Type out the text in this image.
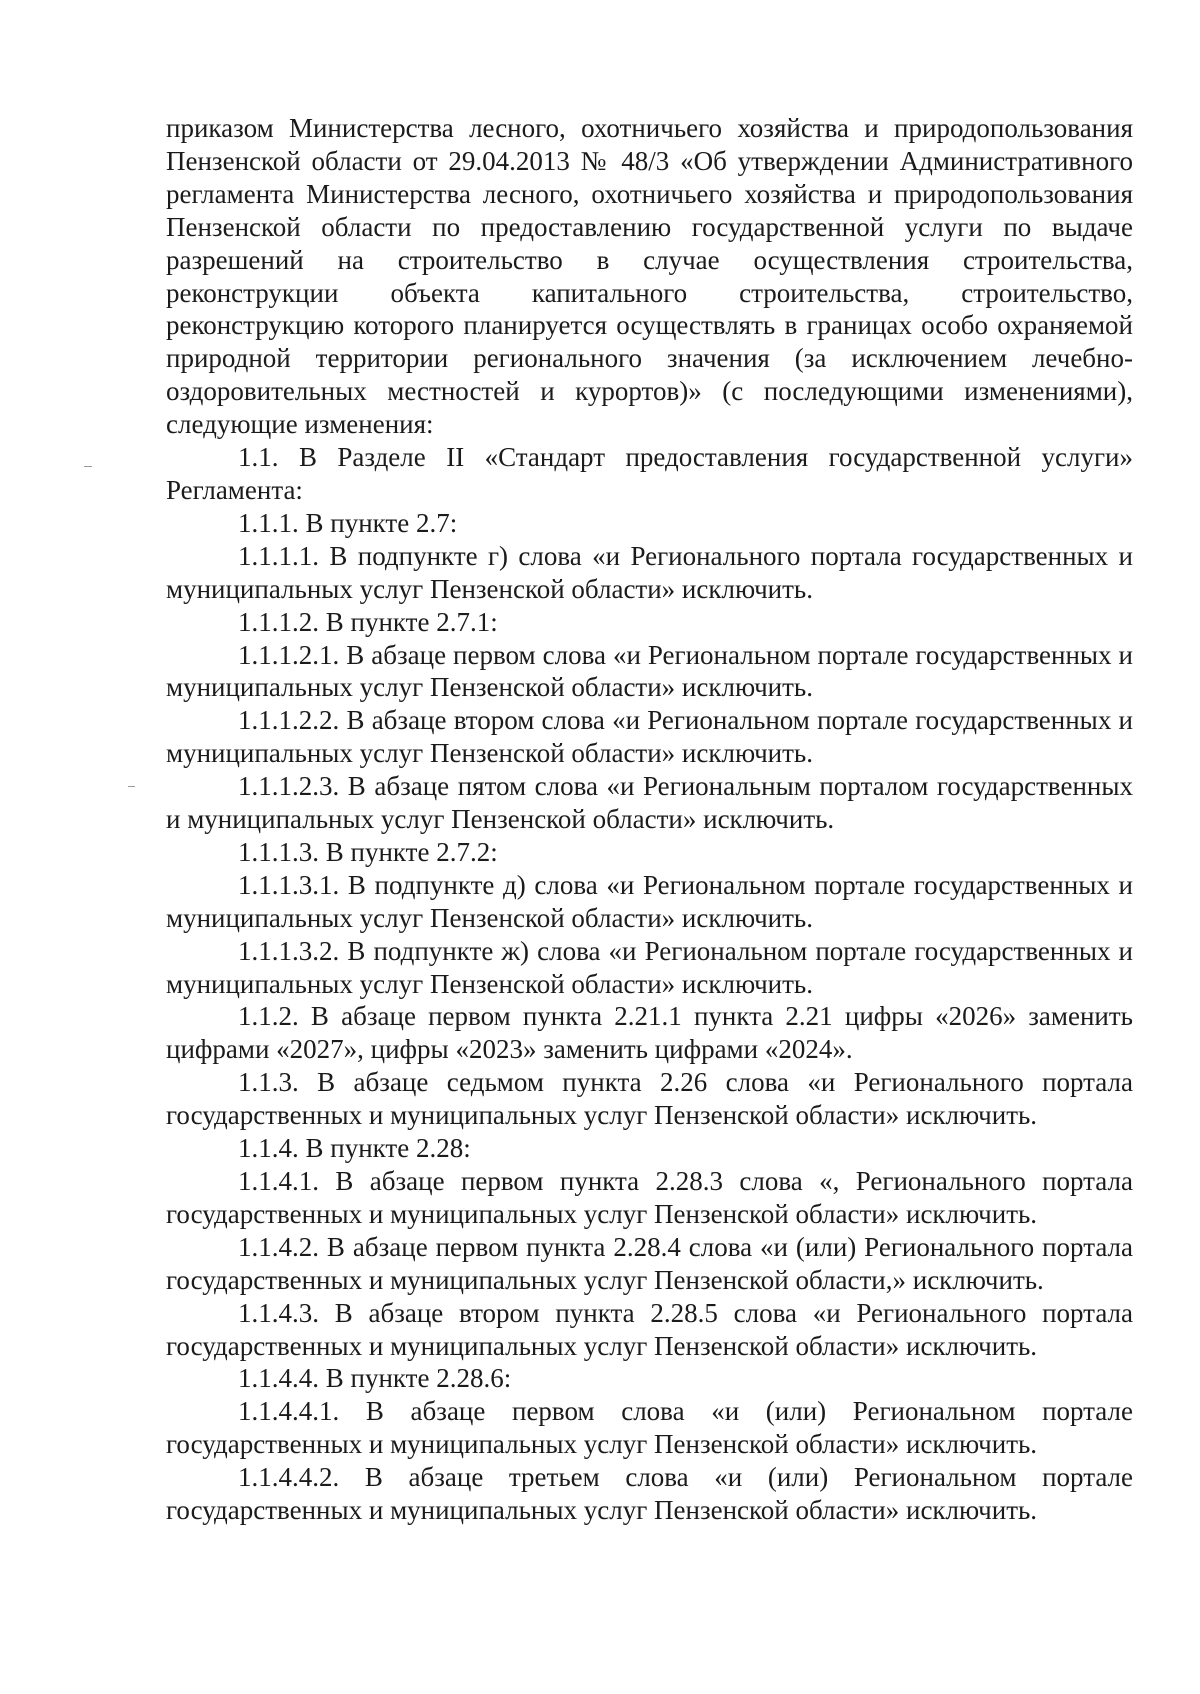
приказом Министерства лесного, охотничьего хозяйства и природопользования Пензенской области от 29.04.2013 № 48/3 «Об утверждении Административного регламента Министерства лесного, охотничьего хозяйства и природопользования Пензенской области по предоставлению государственной услуги по выдаче разрешений на строительство в случае осуществления строительства, реконструкции объекта капитального строительства, строительство, реконструкцию которого планируется осуществлять в границах особо охраняемой природной территории регионального значения (за исключением лечебно-оздоровительных местностей и курортов)» (с последующими изменениями), следующие изменения:

1.1. В Разделе II «Стандарт предоставления государственной услуги» Регламента:

1.1.1. В пункте 2.7:

1.1.1.1. В подпункте г) слова «и Регионального портала государственных и муниципальных услуг Пензенской области» исключить.

1.1.1.2. В пункте 2.7.1:

1.1.1.2.1. В абзаце первом слова «и Региональном портале государственных и муниципальных услуг Пензенской области» исключить.

1.1.1.2.2. В абзаце втором слова «и Региональном портале государственных и муниципальных услуг Пензенской области» исключить.

1.1.1.2.3. В абзаце пятом слова «и Региональным порталом государственных и муниципальных услуг Пензенской области» исключить.

1.1.1.3. В пункте 2.7.2:

1.1.1.3.1. В подпункте д) слова «и Региональном портале государственных и муниципальных услуг Пензенской области» исключить.

1.1.1.3.2. В подпункте ж) слова «и Региональном портале государственных и муниципальных услуг Пензенской области» исключить.

1.1.2. В абзаце первом пункта 2.21.1 пункта 2.21 цифры «2026» заменить цифрами «2027», цифры «2023» заменить цифрами «2024».

1.1.3. В абзаце седьмом пункта 2.26 слова «и Регионального портала государственных и муниципальных услуг Пензенской области» исключить.

1.1.4. В пункте 2.28:

1.1.4.1. В абзаце первом пункта 2.28.3 слова «, Регионального портала государственных и муниципальных услуг Пензенской области» исключить.

1.1.4.2. В абзаце первом пункта 2.28.4 слова «и (или) Регионального портала государственных и муниципальных услуг Пензенской области,» исключить.

1.1.4.3. В абзаце втором пункта 2.28.5 слова «и Регионального портала государственных и муниципальных услуг Пензенской области» исключить.

1.1.4.4. В пункте 2.28.6:

1.1.4.4.1. В абзаце первом слова «и (или) Региональном портале государственных и муниципальных услуг Пензенской области» исключить.

1.1.4.4.2. В абзаце третьем слова «и (или) Региональном портале государственных и муниципальных услуг Пензенской области» исключить.
